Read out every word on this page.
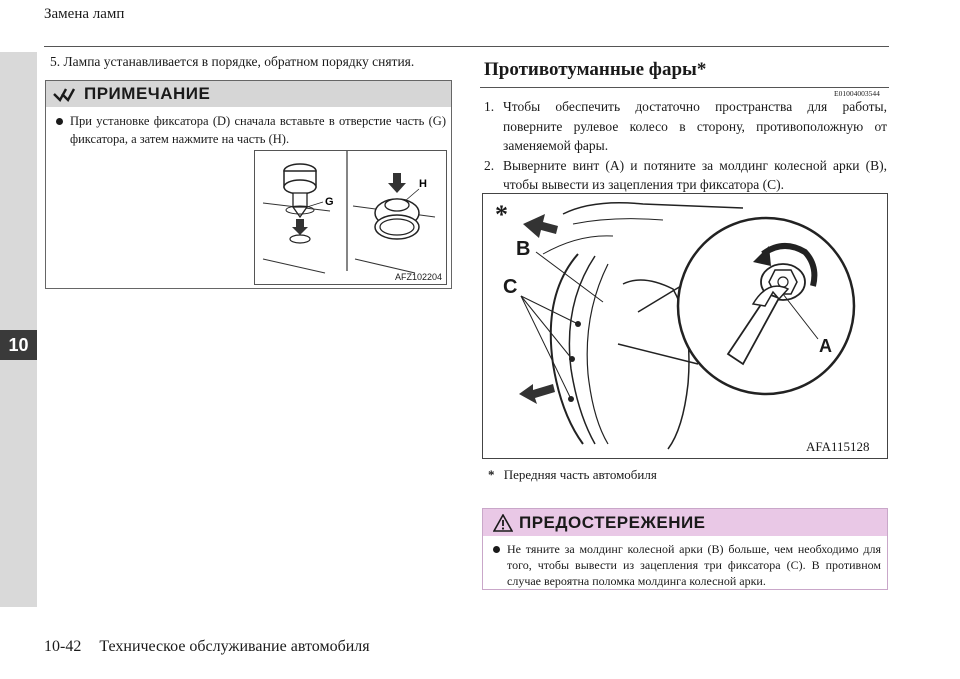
10
Замена ламп
5. Лампа устанавливается в порядке, обратном порядку снятия.
ПРИМЕЧАНИЕ
При установке фиксатора (D) сначала вставьте в отверстие часть (G) фиксатора, а затем нажмите на часть (H).
G
H
AFZ102204
Противотуманные фары*
E01004003544
1. Чтобы обеспечить достаточно пространства для работы, поверните рулевое колесо в сторону, противоположную от заменяемой фары.
2. Выверните винт (A) и потяните за молдинг колесной арки (B), чтобы вывести из зацепления три фиксатора (C).
*
B
C
A
AFA115128
* Передняя часть автомобиля
ПРЕДОСТЕРЕЖЕНИЕ
Не тяните за молдинг колесной арки (B) больше, чем необходимо для того, чтобы вывести из зацепления три фиксатора (C). В противном случае вероятна поломка молдинга колесной арки.
10-42 Техническое обслуживание автомобиля
